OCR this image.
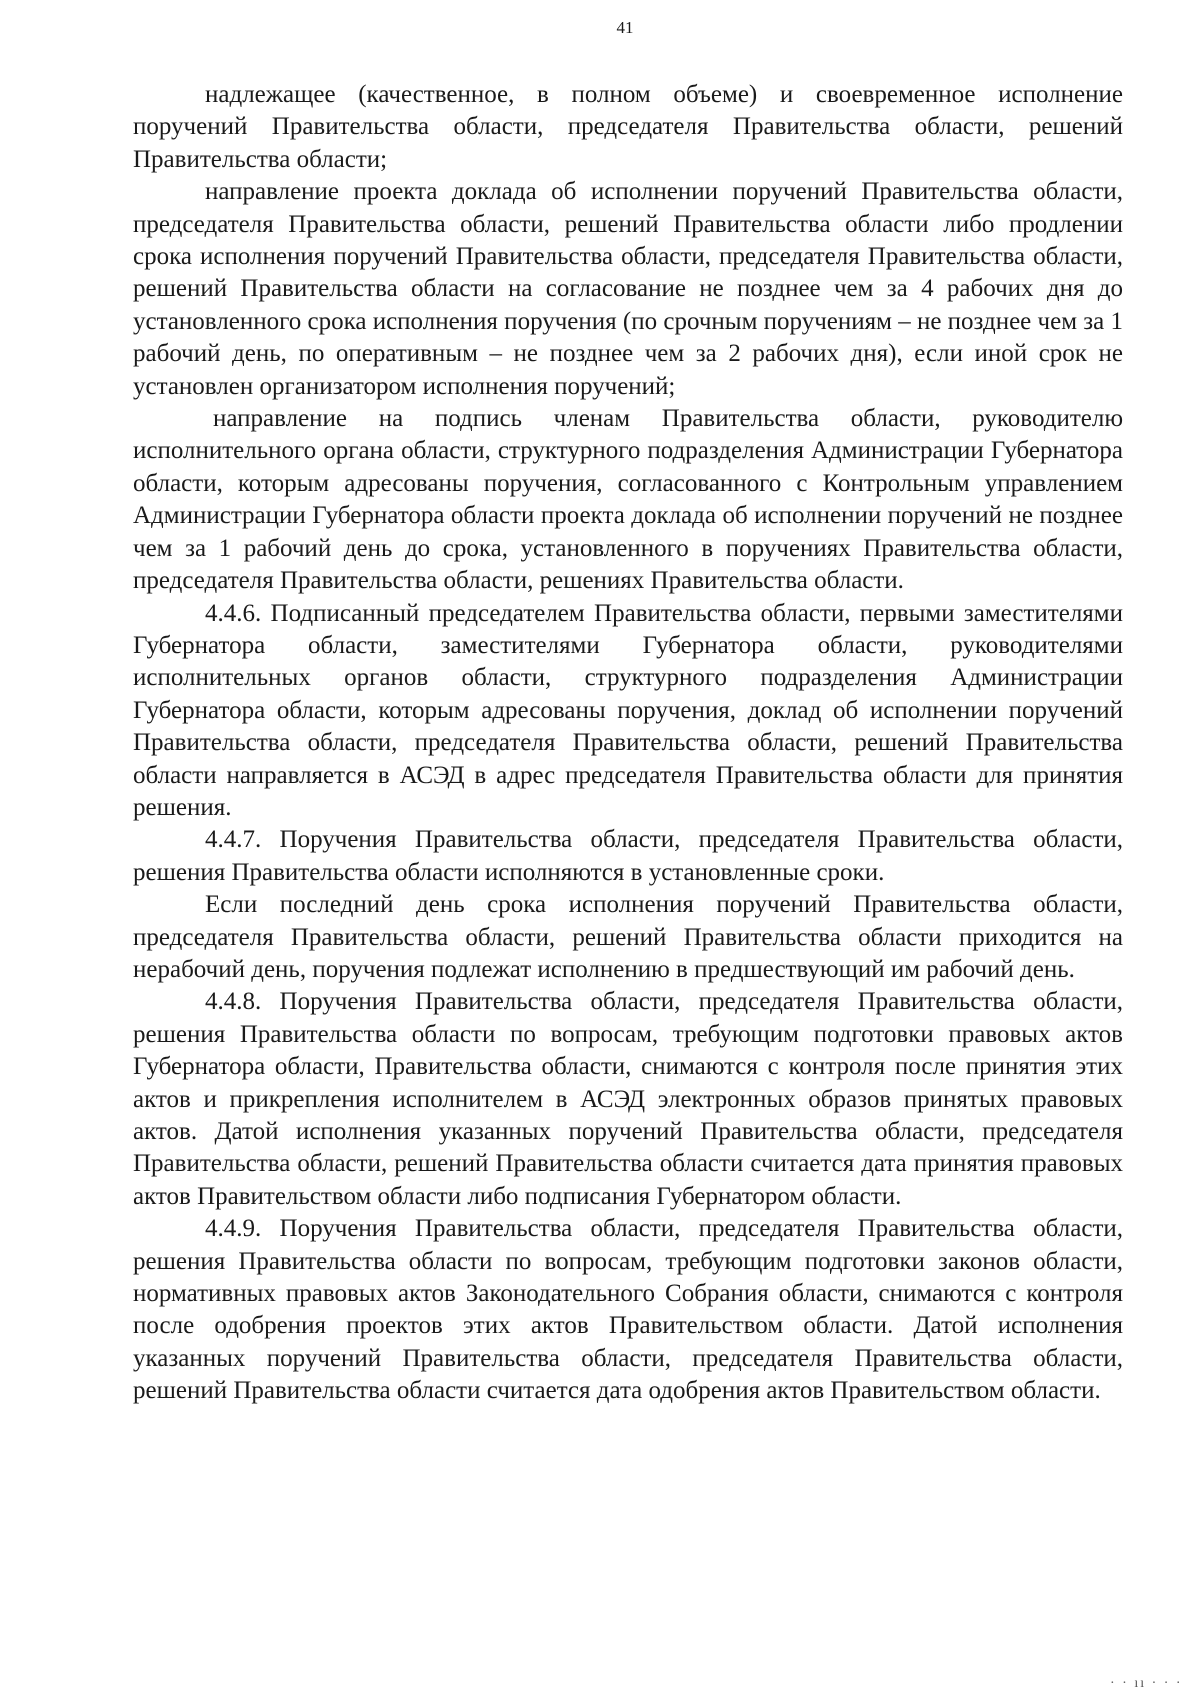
41

надлежащее (качественное, в полном объеме) и своевременное исполнение поручений Правительства области, председателя Правительства области, решений Правительства области;

направление проекта доклада об исполнении поручений Правительства области, председателя Правительства области, решений Правительства области либо продлении срока исполнения поручений Правительства области, председателя Правительства области, решений Правительства области на согласование не позднее чем за 4 рабочих дня до установленного срока исполнения поручения (по срочным поручениям – не позднее чем за 1 рабочий день, по оперативным – не позднее чем за 2 рабочих дня), если иной срок не установлен организатором исполнения поручений;

направление на подпись членам Правительства области, руководителю исполнительного органа области, структурного подразделения Администрации Губернатора области, которым адресованы поручения, согласованного с Контрольным управлением Администрации Губернатора области проекта доклада об исполнении поручений не позднее чем за 1 рабочий день до срока, установленного в поручениях Правительства области, председателя Правительства области, решениях Правительства области.

4.4.6. Подписанный председателем Правительства области, первыми заместителями Губернатора области, заместителями Губернатора области, руководителями исполнительных органов области, структурного подразделения Администрации Губернатора области, которым адресованы поручения, доклад об исполнении поручений Правительства области, председателя Правительства области, решений Правительства области направляется в АСЭД в адрес председателя Правительства области для принятия решения.

4.4.7. Поручения Правительства области, председателя Правительства области, решения Правительства области исполняются в установленные сроки.

Если последний день срока исполнения поручений Правительства области, председателя Правительства области, решений Правительства области приходится на нерабочий день, поручения подлежат исполнению в предшествующий им рабочий день.

4.4.8. Поручения Правительства области, председателя Правительства области, решения Правительства области по вопросам, требующим подготовки правовых актов Губернатора области, Правительства области, снимаются с контроля после принятия этих актов и прикрепления исполнителем в АСЭД электронных образов принятых правовых актов. Датой исполнения указанных поручений Правительства области, председателя Правительства области, решений Правительства области считается дата принятия правовых актов Правительством области либо подписания Губернатором области.

4.4.9. Поручения Правительства области, председателя Правительства области, решения Правительства области по вопросам, требующим подготовки законов области, нормативных правовых актов Законодательного Собрания области, снимаются с контроля после одобрения проектов этих актов Правительством области. Датой исполнения указанных поручений Правительства области, председателя Правительства области, решений Правительства области считается дата одобрения актов Правительством области.

· · ıı · · ·
